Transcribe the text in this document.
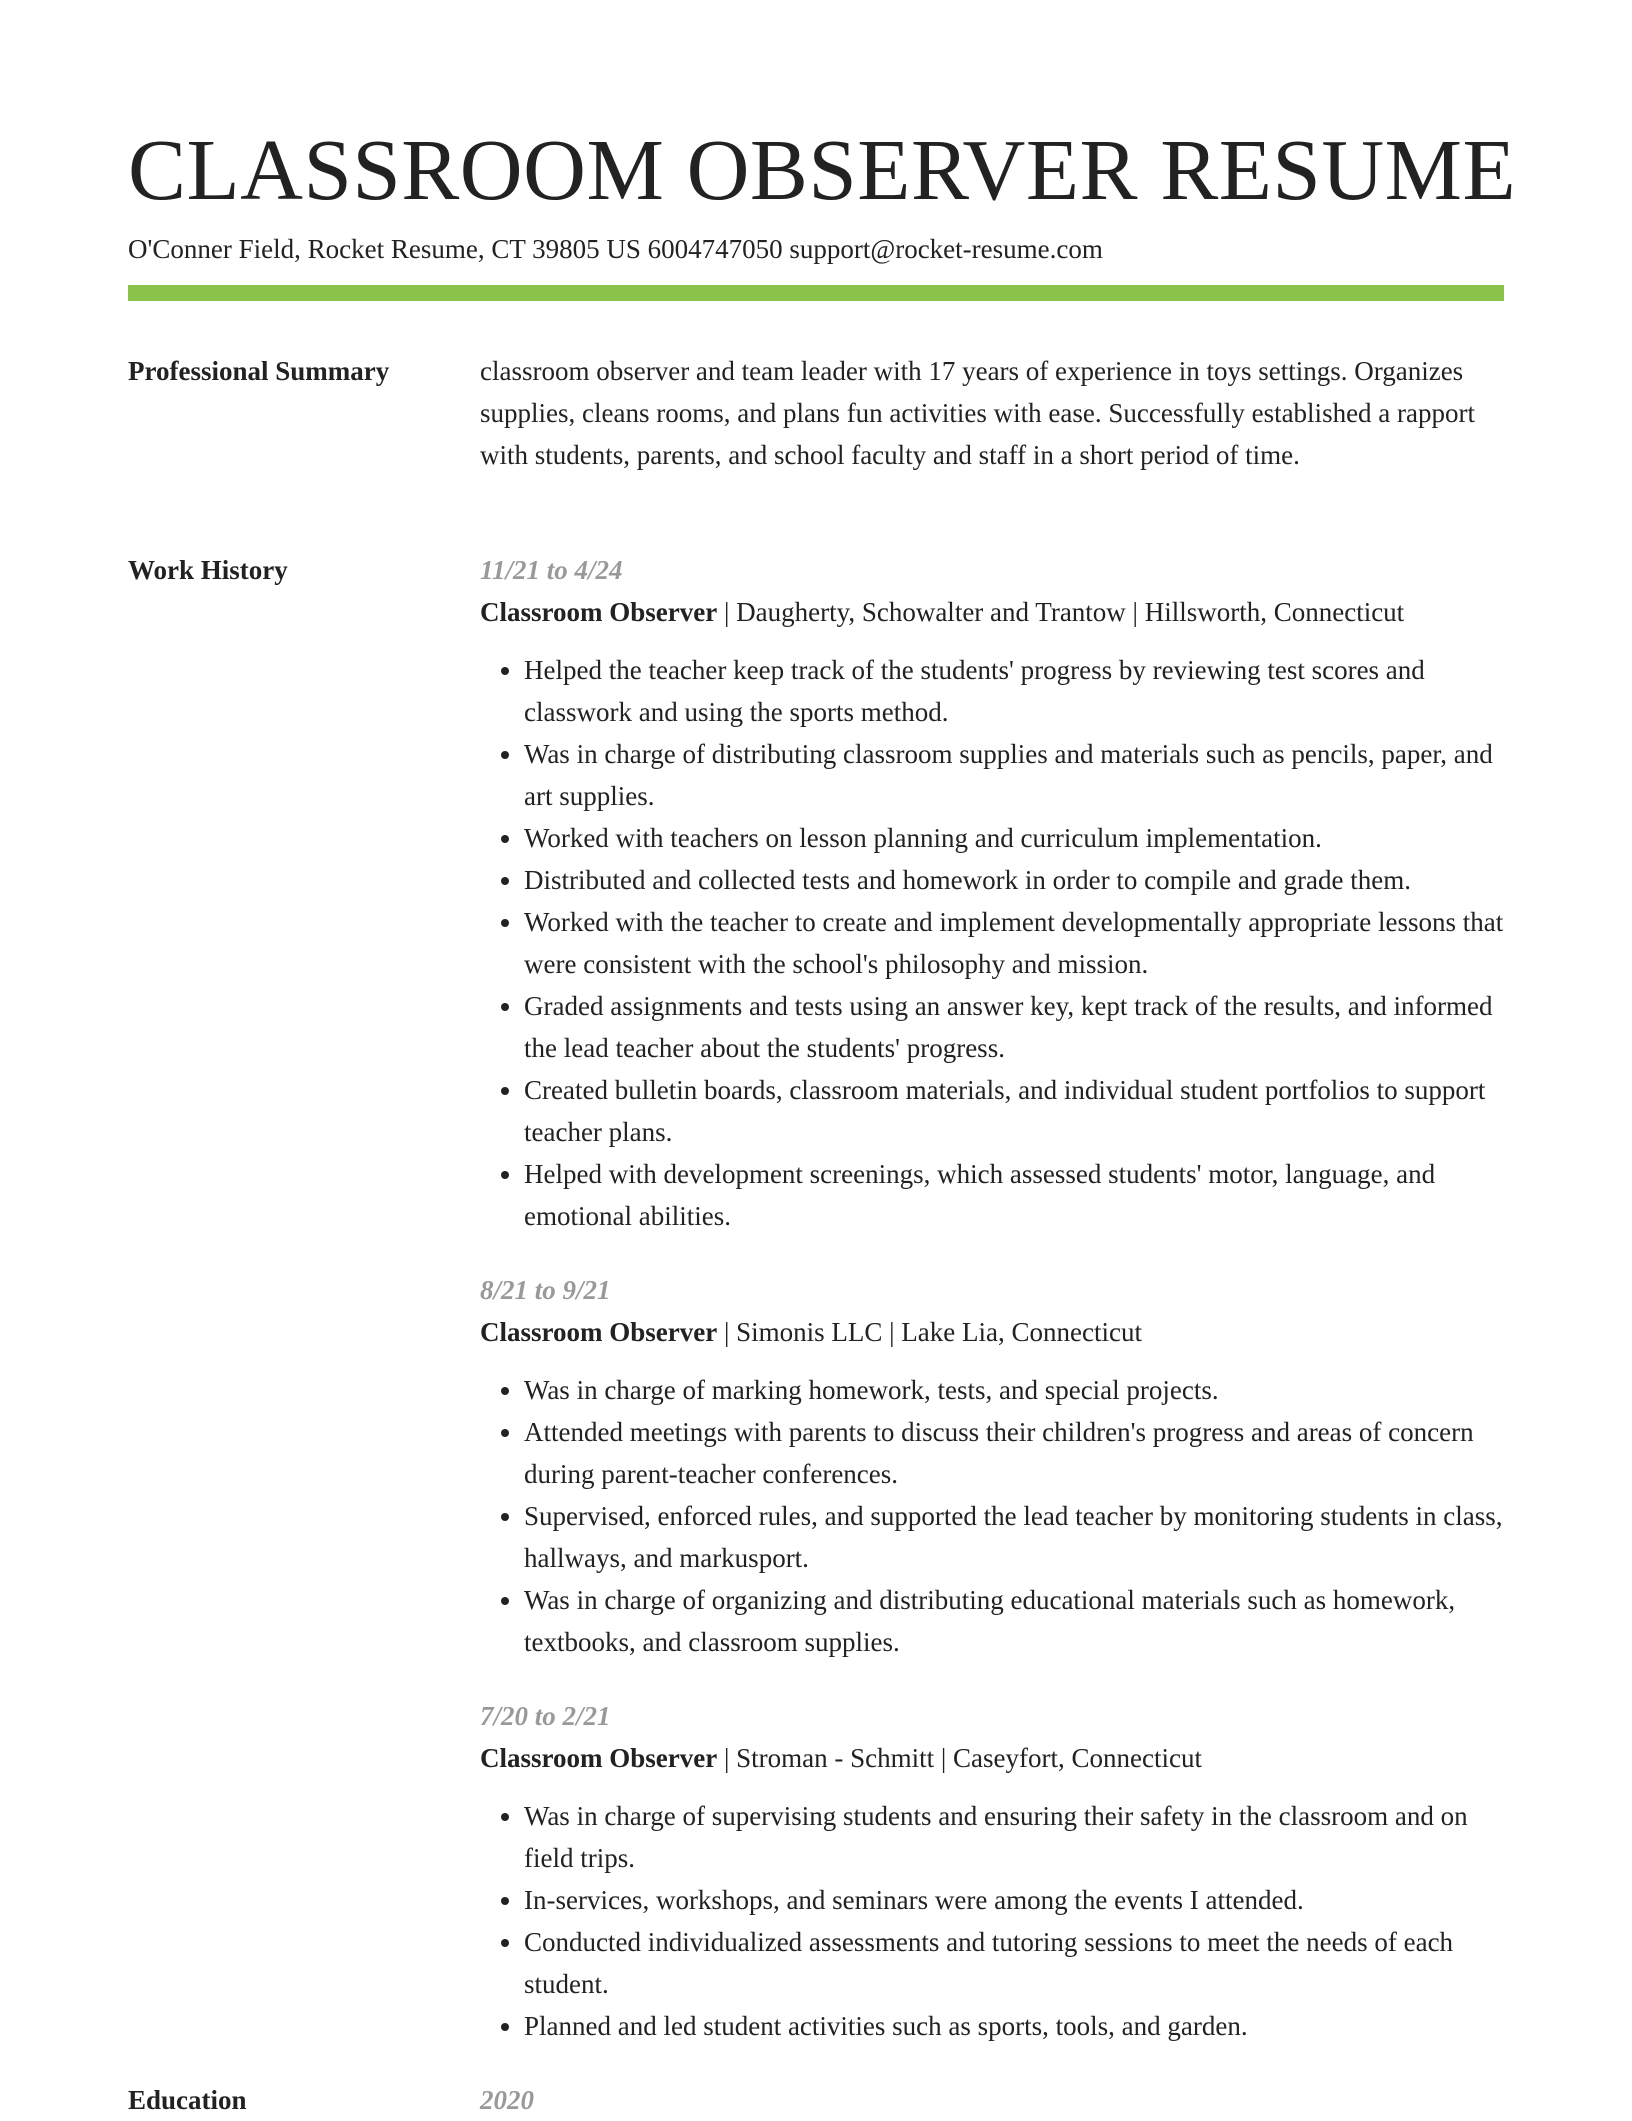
CLASSROOM OBSERVER RESUME
O'Conner Field, Rocket Resume, CT 39805 US 6004747050 support@rocket-resume.com
Professional Summary	classroom observer and team leader with 17 years of experience in toys settings. Organizes supplies, cleans rooms, and plans fun activities with ease. Successfully established a rapport with students, parents, and school faculty and staff in a short period of time.
Work History	11/21 to 4/24
Classroom Observer | Daugherty, Schowalter and Trantow | Hillsworth, Connecticut
• Helped the teacher keep track of the students' progress by reviewing test scores and classwork and using the sports method.
• Was in charge of distributing classroom supplies and materials such as pencils, paper, and art supplies.
• Worked with teachers on lesson planning and curriculum implementation.
• Distributed and collected tests and homework in order to compile and grade them.
• Worked with the teacher to create and implement developmentally appropriate lessons that were consistent with the school's philosophy and mission.
• Graded assignments and tests using an answer key, kept track of the results, and informed the lead teacher about the students' progress.
• Created bulletin boards, classroom materials, and individual student portfolios to support teacher plans.
• Helped with development screenings, which assessed students' motor, language, and emotional abilities.
8/21 to 9/21
Classroom Observer | Simonis LLC | Lake Lia, Connecticut
• Was in charge of marking homework, tests, and special projects.
• Attended meetings with parents to discuss their children's progress and areas of concern during parent-teacher conferences.
• Supervised, enforced rules, and supported the lead teacher by monitoring students in class, hallways, and markusport.
• Was in charge of organizing and distributing educational materials such as homework, textbooks, and classroom supplies.
7/20 to 2/21
Classroom Observer | Stroman - Schmitt | Caseyfort, Connecticut
• Was in charge of supervising students and ensuring their safety in the classroom and on field trips.
• In-services, workshops, and seminars were among the events I attended.
• Conducted individualized assessments and tutoring sessions to meet the needs of each student.
• Planned and led student activities such as sports, tools, and garden.
Education	2020
